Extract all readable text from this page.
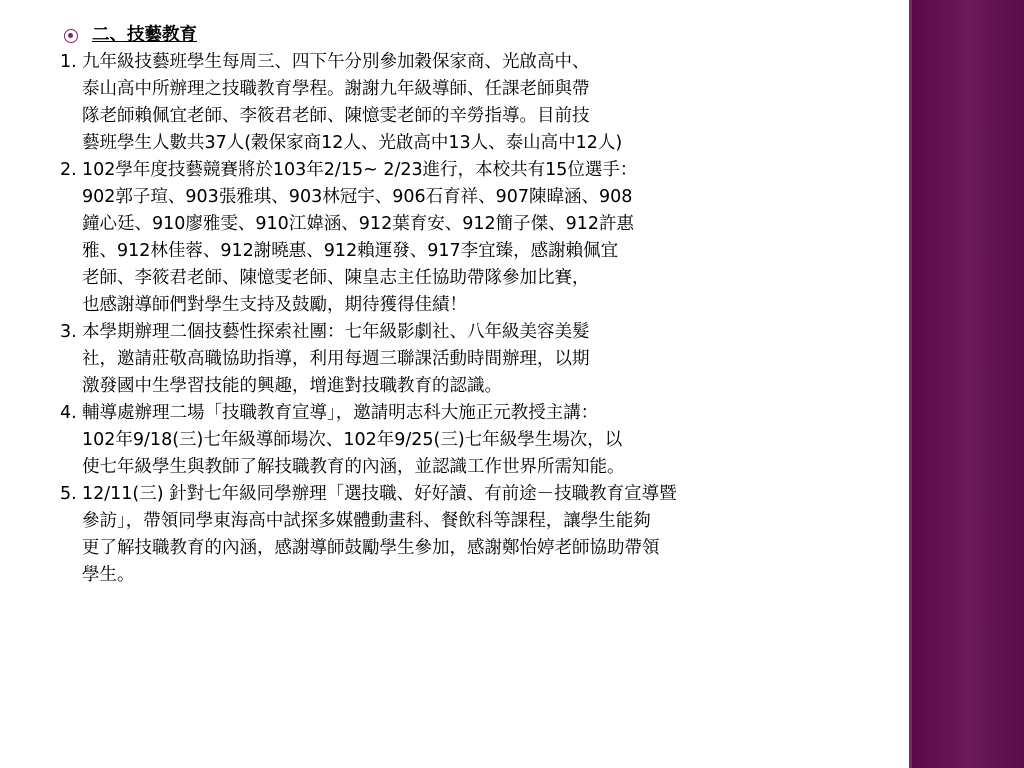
二、技藝教育
1. 九年級技藝班學生每周三、四下午分別參加穀保家商、光啟高中、
泰山高中所辦理之技職教育學程。謝謝九年級導師、任課老師與帶
隊老師賴佩宜老師、李筱君老師、陳憶雯老師的辛勞指導。目前技
藝班學生人數共37人(穀保家商12人、光啟高中13人、泰山高中12人)
2. 102學年度技藝競賽將於103年2/15~ 2/23進行，本校共有15位選手：
902郭子瑄、903張雅琪、903林冠宇、906石育祥、907陳暐涵、908
鐘心廷、910廖雅雯、910江媁涵、912葉育安、912簡子傑、912許惠
雅、912林佳蓉、912謝曉惠、912賴運發、917李宜臻，感謝賴佩宜
老師、李筱君老師、陳憶雯老師、陳皇志主任協助帶隊參加比賽，
也感謝導師們對學生支持及鼓勵，期待獲得佳績！
3. 本學期辦理二個技藝性探索社團：七年級影劇社、八年級美容美髮
社，邀請莊敬高職協助指導，利用每週三聯課活動時間辦理，以期
激發國中生學習技能的興趣，增進對技職教育的認識。
4. 輔導處辦理二場「技職教育宣導」，邀請明志科大施正元教授主講：
102年9/18(三)七年級導師場次、102年9/25(三)七年級學生場次，以
使七年級學生與教師了解技職教育的內涵，並認識工作世界所需知能。
5. 12/11(三) 針對七年級同學辦理「選技職、好好讀、有前途－技職教育宣導暨
參訪」，帶領同學東海高中試探多媒體動畫科、餐飲科等課程，讓學生能夠
更了解技職教育的內涵，感謝導師鼓勵學生參加，感謝鄭怡婷老師協助帶領
學生。
